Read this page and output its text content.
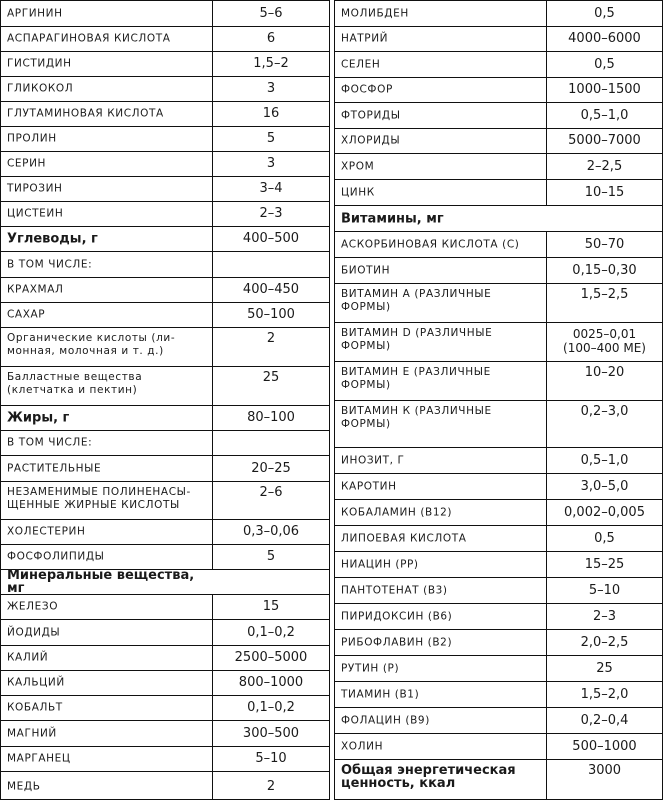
АРГИНИН	5–6
АСПАРАГИНОВАЯ КИСЛОТА	6
ГИСТИДИН	1,5–2
ГЛИКОКОЛ	3
ГЛУТАМИНОВАЯ КИСЛОТА	16
ПРОЛИН	5
СЕРИН	3
ТИРОЗИН	3–4
ЦИСТЕИН	2–3
Углеводы, г	400–500
В ТОМ ЧИСЛЕ:
КРАХМАЛ	400–450
САХАР	50–100
Органические кислоты (ли-
монная, молочная и т. д.)
2
Балластные вещества
(клетчатка и пектин)
25
Жиры, г	80–100
В ТОМ ЧИСЛЕ:
РАСТИТЕЛЬНЫЕ	20–25
НЕЗАМЕНИМЫЕ ПОЛИНЕНАСЫ-
ЩЕННЫЕ ЖИРНЫЕ КИСЛОТЫ
2–6
ХОЛЕСТЕРИН	0,3–0,06
ФОСФОЛИПИДЫ	5
Минеральные вещества, мг
ЖЕЛЕЗО	15
ЙОДИДЫ	0,1–0,2
КАЛИЙ	2500–5000
КАЛЬЦИЙ	800–1000
КОБАЛЬТ	0,1–0,2
МАГНИЙ	300–500
МАРГАНЕЦ	5–10
МЕДЬ	2
МОЛИБДЕН	0,5
НАТРИЙ	4000–6000
СЕЛЕН	0,5
ФОСФОР	1000–1500
ФТОРИДЫ	0,5–1,0
ХЛОРИДЫ	5000–7000
ХРОМ	2–2,5
ЦИНК	10–15
Витамины, мг
АСКОРБИНОВАЯ КИСЛОТА (С)	50–70
БИОТИН	0,15–0,30
ВИТАМИН А (РАЗЛИЧНЫЕ
ФОРМЫ)
1,5–2,5
ВИТАМИН D (РАЗЛИЧНЫЕ
ФОРМЫ)
0025–0,01
(100–400 МЕ)
ВИТАМИН Е (РАЗЛИЧНЫЕ
ФОРМЫ)
10–20
ВИТАМИН К (РАЗЛИЧНЫЕ
ФОРМЫ)
0,2–3,0
ИНОЗИТ, Г	0,5–1,0
КАРОТИН	3,0–5,0
КОБАЛАМИН (В12)	0,002–0,005
ЛИПОЕВАЯ КИСЛОТА	0,5
НИАЦИН (РР)	15–25
ПАНТОТЕНАТ (В3)	5–10
ПИРИДОКСИН (В6)	2–3
РИБОФЛАВИН (В2)	2,0–2,5
РУТИН (Р)	25
ТИАМИН (В1)	1,5–2,0
ФОЛАЦИН (В9)	0,2–0,4
ХОЛИН	500–1000
Общая энергетическая
ценность, ккал
3000
